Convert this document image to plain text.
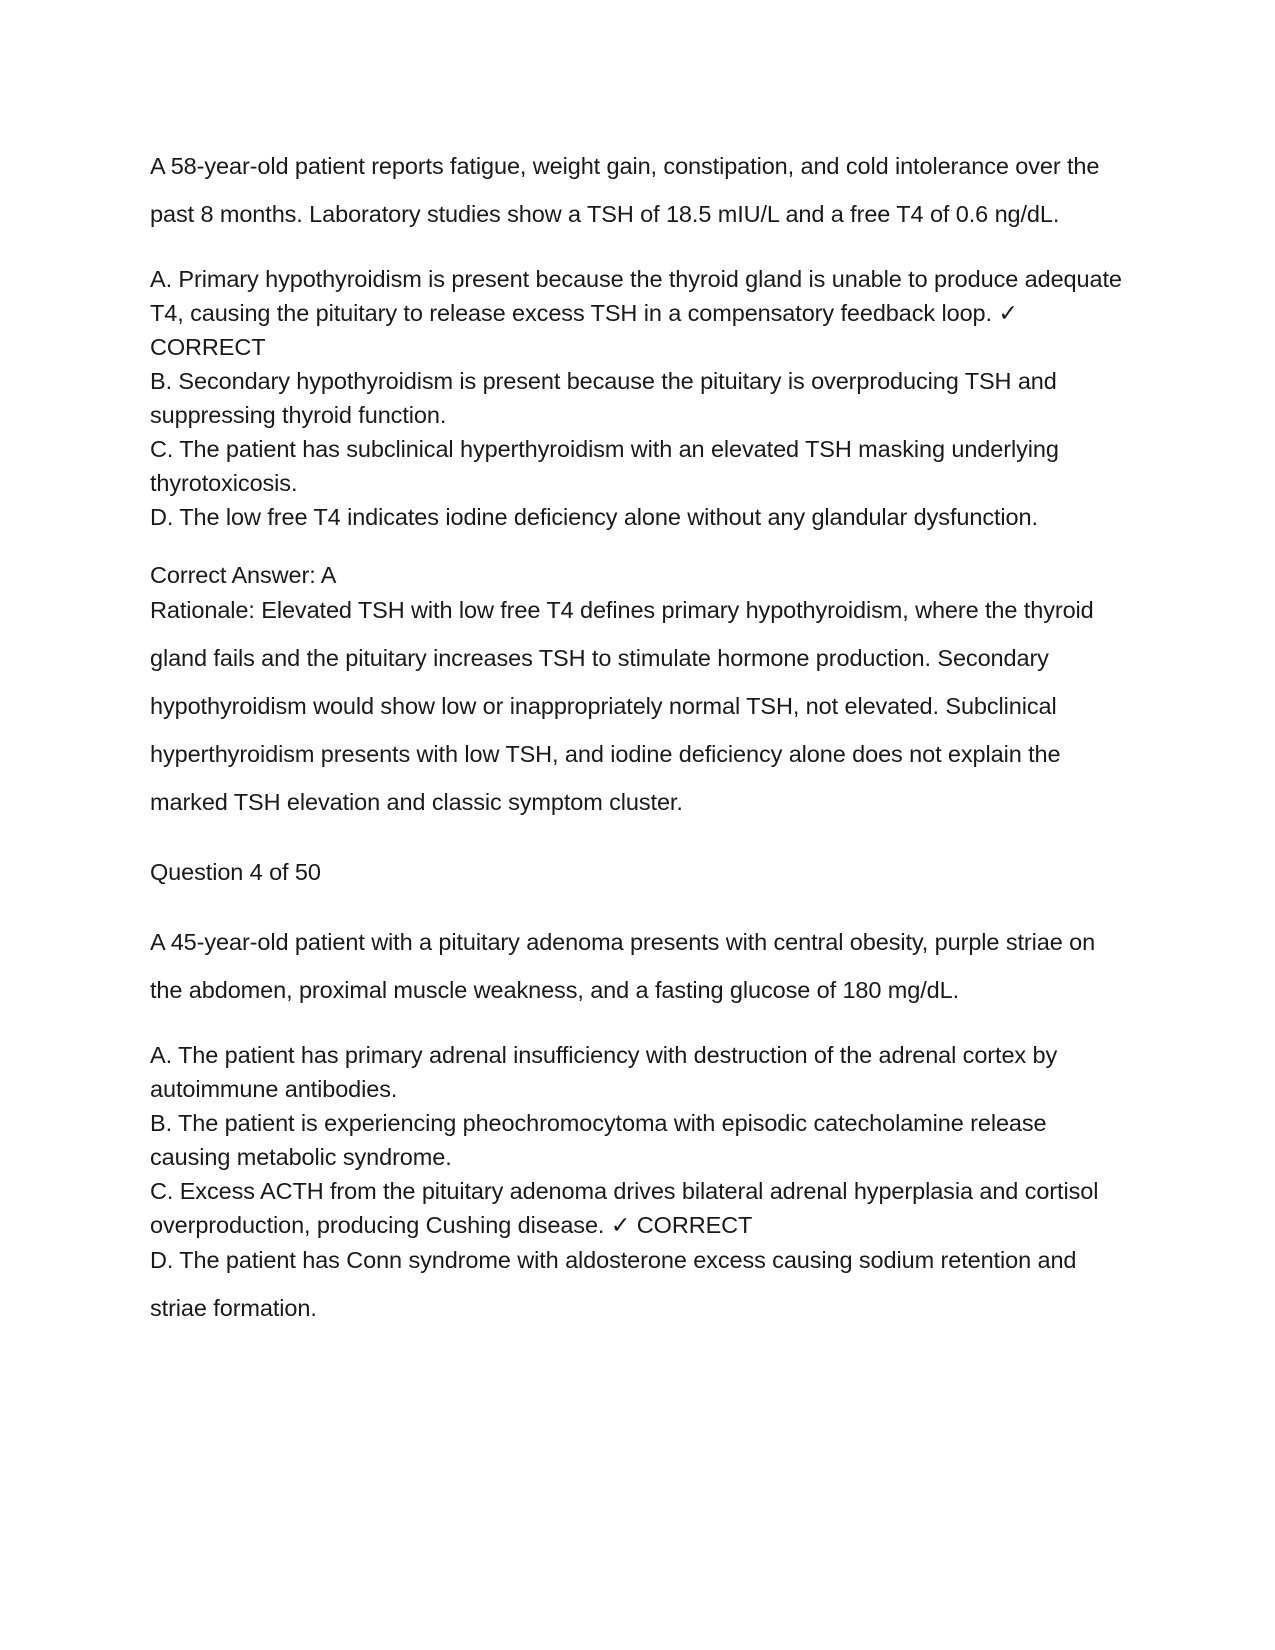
A 58-year-old patient reports fatigue, weight gain, constipation, and cold intolerance over the past 8 months. Laboratory studies show a TSH of 18.5 mIU/L and a free T4 of 0.6 ng/dL.

A. Primary hypothyroidism is present because the thyroid gland is unable to produce adequate T4, causing the pituitary to release excess TSH in a compensatory feedback loop. ✓ CORRECT

B. Secondary hypothyroidism is present because the pituitary is overproducing TSH and suppressing thyroid function.

C. The patient has subclinical hyperthyroidism with an elevated TSH masking underlying thyrotoxicosis.

D. The low free T4 indicates iodine deficiency alone without any glandular dysfunction.

Correct Answer: A

Rationale: Elevated TSH with low free T4 defines primary hypothyroidism, where the thyroid gland fails and the pituitary increases TSH to stimulate hormone production. Secondary hypothyroidism would show low or inappropriately normal TSH, not elevated. Subclinical hyperthyroidism presents with low TSH, and iodine deficiency alone does not explain the marked TSH elevation and classic symptom cluster.

Question 4 of 50

A 45-year-old patient with a pituitary adenoma presents with central obesity, purple striae on the abdomen, proximal muscle weakness, and a fasting glucose of 180 mg/dL.

A. The patient has primary adrenal insufficiency with destruction of the adrenal cortex by autoimmune antibodies.

B. The patient is experiencing pheochromocytoma with episodic catecholamine release causing metabolic syndrome.

C. Excess ACTH from the pituitary adenoma drives bilateral adrenal hyperplasia and cortisol overproduction, producing Cushing disease. ✓ CORRECT

D. The patient has Conn syndrome with aldosterone excess causing sodium retention and striae formation.
